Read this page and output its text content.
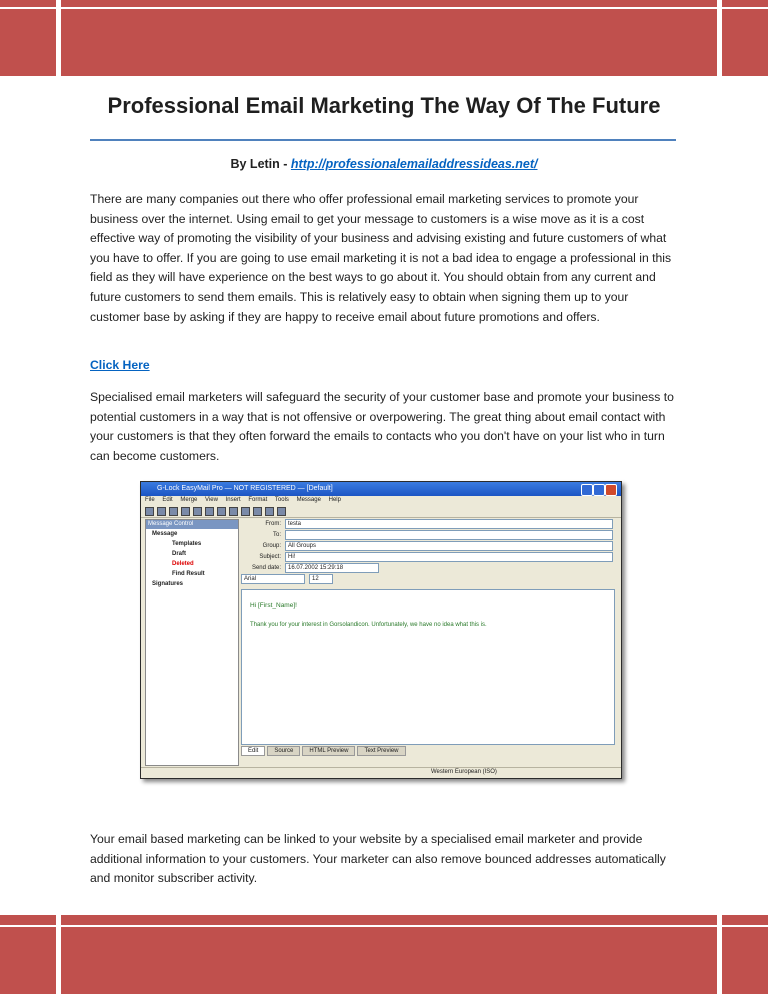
Professional Email Marketing The Way Of The Future
By Letin - http://professionalemailaddressideas.net/

There are many companies out there who offer professional email marketing services to promote your business over the internet. Using email to get your message to customers is a wise move as it is a cost effective way of promoting the visibility of your business and advising existing and future customers of what you have to offer. If you are going to use email marketing it is not a bad idea to engage a professional in this field as they will have experience on the best ways to go about it. You should obtain from any current and future customers to send them emails. This is relatively easy to obtain when signing them up to your customer base by asking if they are happy to receive email about future promotions and offers.

Click Here

Specialised email marketers will safeguard the security of your customer base and promote your business to potential customers in a way that is not offensive or overpowering. The great thing about email contact with your customers is that they often forward the emails to contacts who you don't have on your list who in turn can become customers.

G-Lock EasyMail Pro — NOT REGISTERED — [Default]
File Edit Merge View Insert Format Tools Message Help
Message Control
Message
Templates
Draft
Deleted
Find Result
Signatures
From:	testa
To:
Group:	All Groups
Subject:	Hi!
Send date:	16.07.2002 15:29:18
Arial	12
Hi [First_Name]!
Thank you for your interest in Gorsolandicon. Unfortunately, we have no idea what this is.
Edit	Source	HTML Preview	Text Preview
Western European (ISO)

Your email based marketing can be linked to your website by a specialised email marketer and provide additional information to your customers. Your marketer can also remove bounced addresses automatically and monitor subscriber activity.
